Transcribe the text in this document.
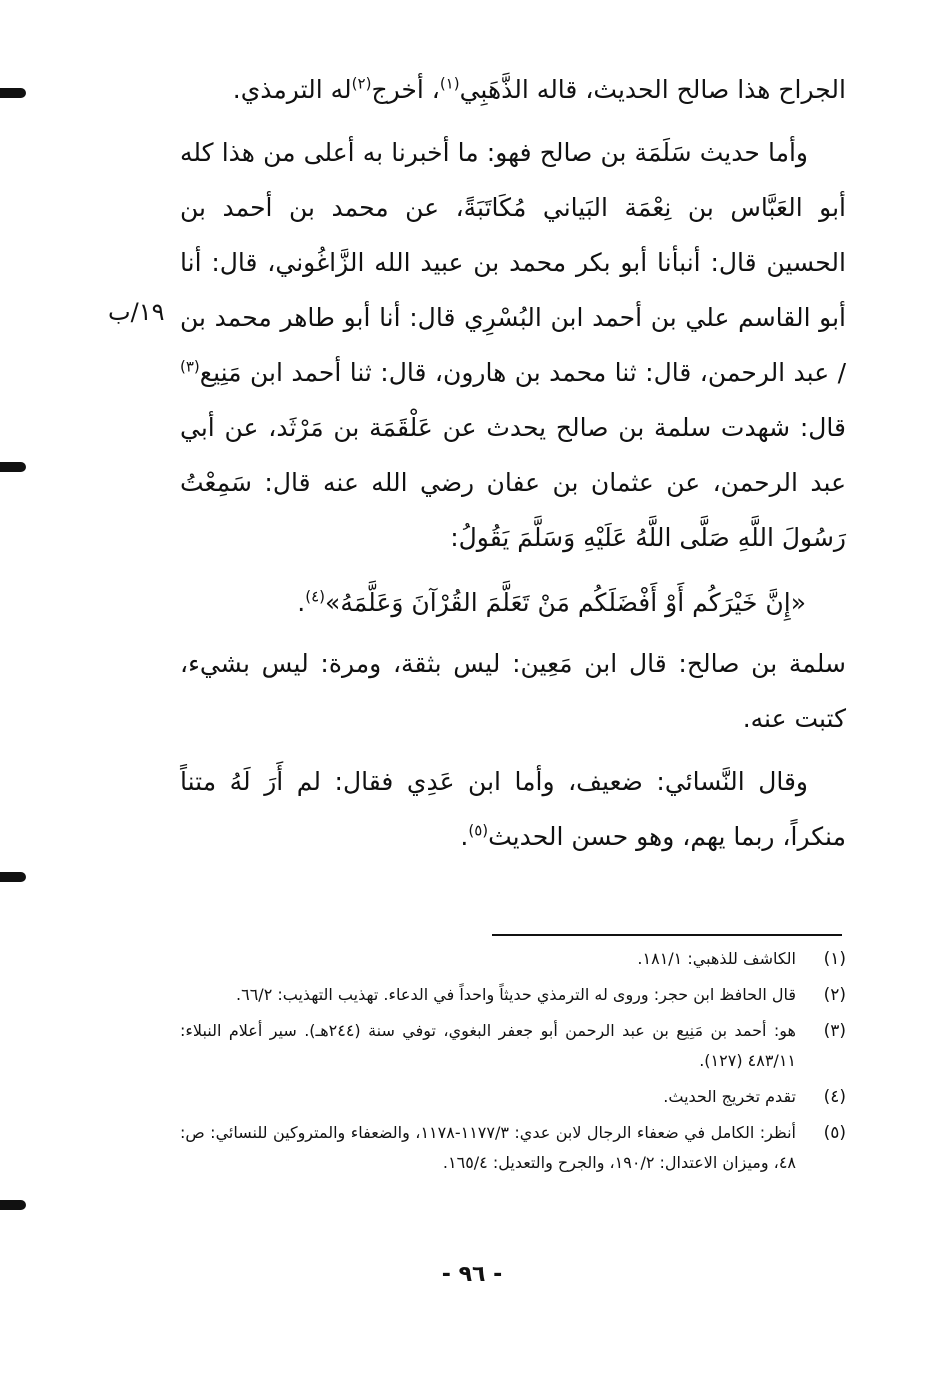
الجراح هذا صالح الحديث، قاله الذَّهَبِي$^{(١)}$، أخرج$^{(٢)}$له الترمذي.

وأما حديث سَلَمَة بن صالح فهو: ما أخبرنا به أعلى من هذا كله أبو العَبَّاس بن نِعْمَة البَياني مُكَاتَبَةً، عن محمد بن أحمد بن الحسين قال: أنبأنا أبو بكر محمد بن عبيد الله الزَّاغُوني، قال: أنا أبو القاسم علي بن أحمد ابن البُسْرِي قال: أنا أبو طاهر محمد بن / عبد الرحمن، قال: ثنا محمد بن هارون، قال: ثنا أحمد ابن مَنِيع$^{(٣)}$ قال: شهدت سلمة بن صالح يحدث عن عَلْقَمَة بن مَرْثَد، عن أبي عبد الرحمن، عن عثمان بن عفان رضي الله عنه قال: سَمِعْتُ رَسُولَ اللَّهِ صَلَّى اللَّهُ عَلَيْهِ وَسَلَّمَ يَقُولُ:

«إِنَّ خَيْرَكُم أَوْ أَفْضَلَكُم مَنْ تَعَلَّمَ القُرْآنَ وَعَلَّمَهُ»$^{(٤)}$.

سلمة بن صالح: قال ابن مَعِين: ليس بثقة، ومرة: ليس بشيء، كتبت عنه.

وقال النَّسائي: ضعيف، وأما ابن عَدِي فقال: لم أَرَ لَهُ متناً منكراً، ربما يهم، وهو حسن الحديث$^{(٥)}$.

١٩/ب
(١)
الكاشف للذهبي: ١٨١/١.
(٢)
قال الحافظ ابن حجر: وروى له الترمذي حديثاً واحداً في الدعاء. تهذيب التهذيب: ٦٦/٢.
(٣)
هو: أحمد بن مَنِيع بن عبد الرحمن أبو جعفر البغوي، توفي سنة (٢٤٤هـ). سير أعلام النبلاء: ٤٨٣/١١ (١٢٧).
(٤)
تقدم تخريج الحديث.
(٥)
أنظر: الكامل في ضعفاء الرجال لابن عدي: ١١٧٧/٣-١١٧٨، والضعفاء والمتروكين للنسائي: ص: ٤٨، وميزان الاعتدال: ١٩٠/٢، والجرح والتعديل: ١٦٥/٤.
- ٩٦ -
